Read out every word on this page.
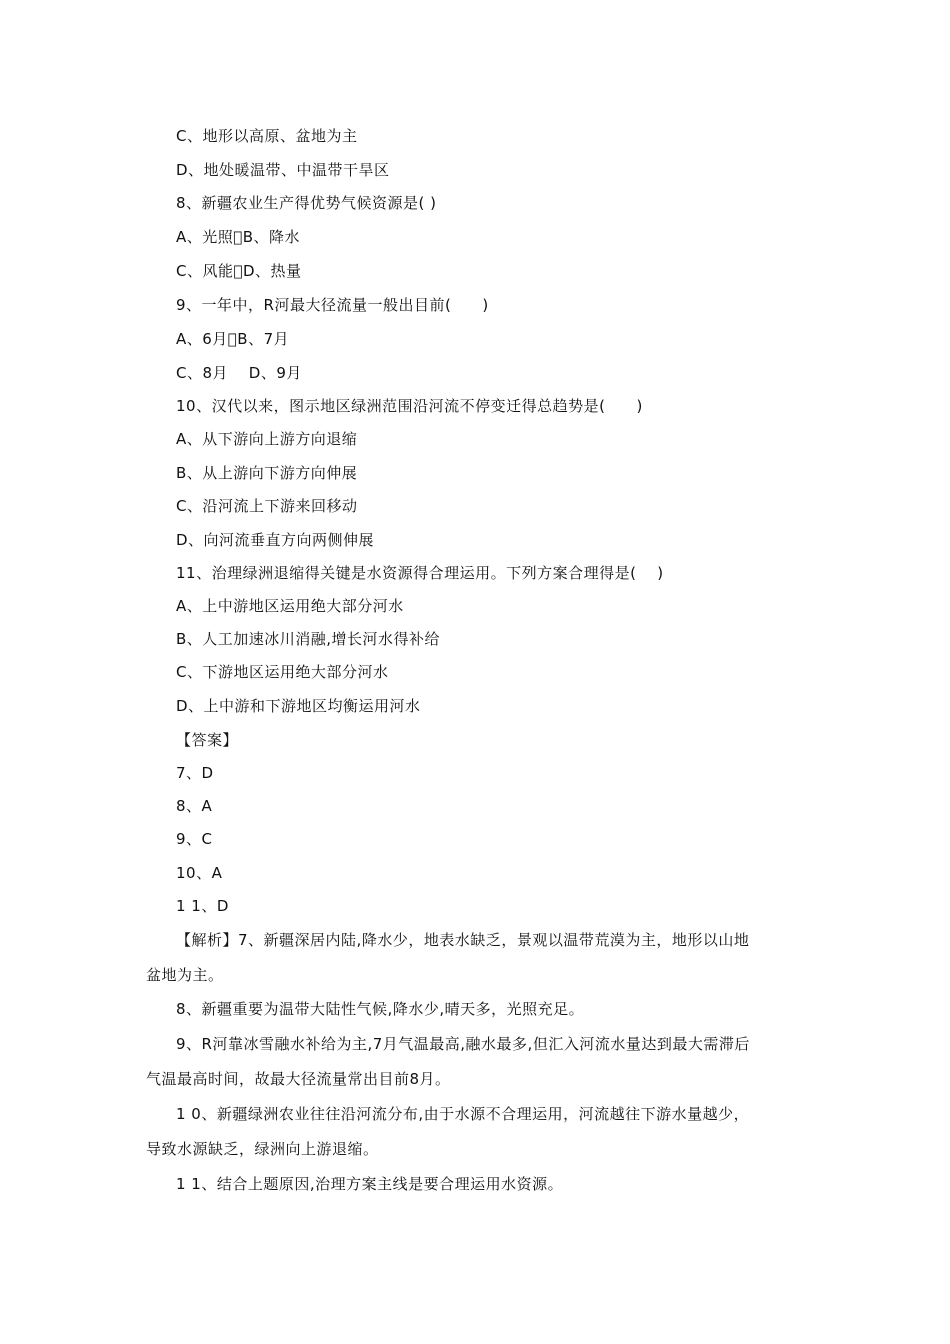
C、地形以高原、盆地为主
D、地处暖温带、中温带干旱区
8、新疆农业生产得优势气候资源是( )
A、光照 B、降水
C、风能 D、热量
9、一年中，R河最大径流量一般出目前(　　)
A、6月 B、7月
C、8月　 D、9月
10、汉代以来，图示地区绿洲范围沿河流不停变迁得总趋势是(　　)
A、从下游向上游方向退缩
B、从上游向下游方向伸展
C、沿河流上下游来回移动
D、向河流垂直方向两侧伸展
11、治理绿洲退缩得关键是水资源得合理运用。下列方案合理得是(　 )
A、上中游地区运用绝大部分河水
B、人工加速冰川消融,增长河水得补给
C、下游地区运用绝大部分河水
D、上中游和下游地区均衡运用河水
【答案】
7、D
8、A
9、C
10、A
1 1、D
【解析】7、新疆深居内陆,降水少，地表水缺乏，景观以温带荒漠为主，地形以山地
盆地为主。
8、新疆重要为温带大陆性气候,降水少,晴天多，光照充足。
9、R河靠冰雪融水补给为主,7月气温最高,融水最多,但汇入河流水量达到最大需滞后
气温最高时间，故最大径流量常出目前8月。
1 0、新疆绿洲农业往往沿河流分布,由于水源不合理运用，河流越往下游水量越少，
导致水源缺乏，绿洲向上游退缩。
1 1、结合上题原因,治理方案主线是要合理运用水资源。
